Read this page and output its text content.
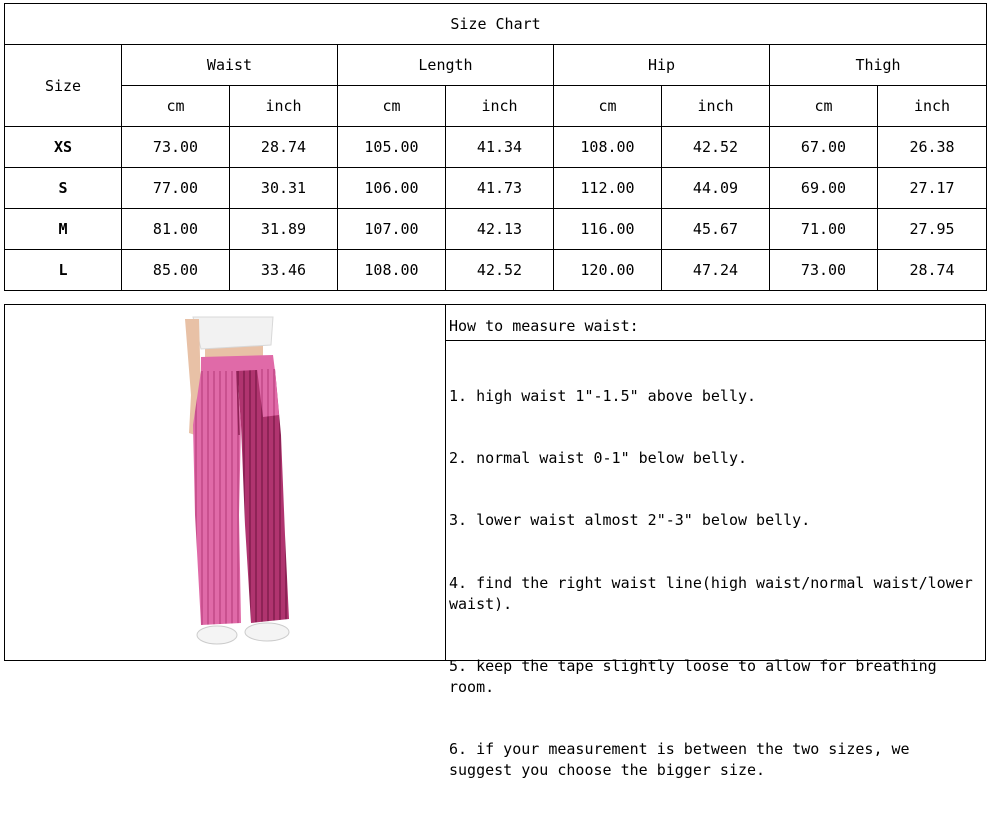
Size Chart								
Size	Waist		Length		Hip		Thigh	
	cm	inch	cm	inch	cm	inch	cm	inch
XS	73.00	28.74	105.00	41.34	108.00	42.52	67.00	26.38
S	77.00	30.31	106.00	41.73	112.00	44.09	69.00	27.17
M	81.00	31.89	107.00	42.13	116.00	45.67	71.00	27.95
L	85.00	33.46	108.00	42.52	120.00	47.24	73.00	28.74
How to measure waist:

1. high waist 1"-1.5" above belly.

2. normal waist 0-1" below belly.

3. lower waist almost 2"-3" below belly.

4. find the right waist line(high waist/normal waist/lower waist).

5. keep the tape slightly loose to allow for breathing room.

6. if your measurement is between the two sizes, we suggest you choose the bigger size.
